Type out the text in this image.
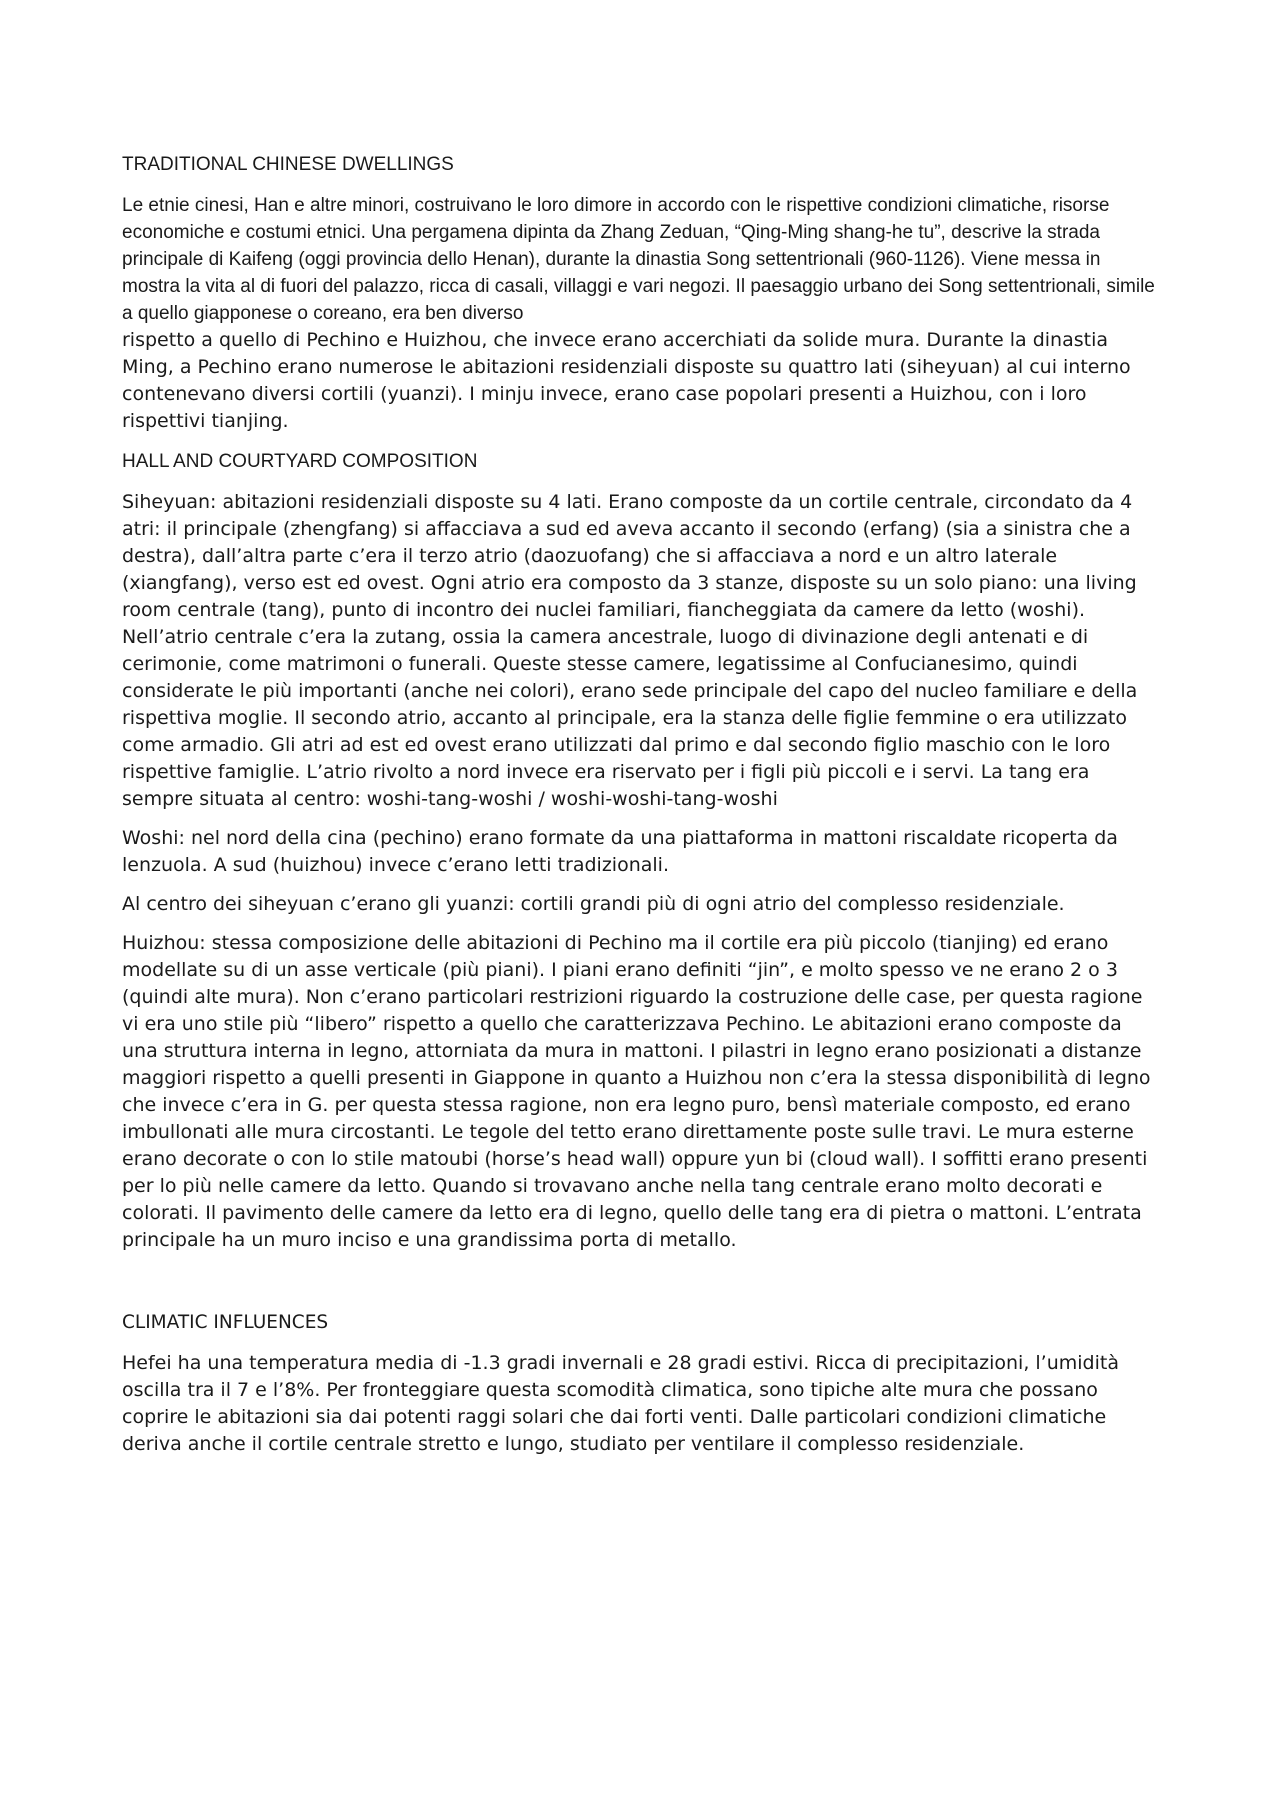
TRADITIONAL CHINESE DWELLINGS
Le etnie cinesi, Han e altre minori, costruivano le loro dimore in accordo con le rispettive condizioni climatiche, risorse economiche e costumi etnici. Una pergamena dipinta da Zhang Zeduan, “Qing-Ming shang-he tu”, descrive la strada principale di Kaifeng (oggi provincia dello Henan), durante la dinastia Song settentrionali (960-1126). Viene messa in mostra la vita al di fuori del palazzo, ricca di casali, villaggi e vari negozi. Il paesaggio urbano dei Song settentrionali, simile a quello giapponese o coreano, era ben diverso
rispetto a quello di Pechino e Huizhou, che invece erano accerchiati da solide mura. Durante la dinastia Ming, a Pechino erano numerose le abitazioni residenziali disposte su quattro lati (siheyuan) al cui interno contenevano diversi cortili (yuanzi). I minju invece, erano case popolari presenti a Huizhou, con i loro rispettivi tianjing.
HALL AND COURTYARD COMPOSITION

Siheyuan: abitazioni residenziali disposte su 4 lati. Erano composte da un cortile centrale, circondato da 4 atri: il principale (zhengfang) si affacciava a sud ed aveva accanto il secondo (erfang) (sia a sinistra che a destra), dall’altra parte c’era il terzo atrio (daozuofang) che si affacciava a nord e un altro laterale (xiangfang), verso est ed ovest. Ogni atrio era composto da 3 stanze, disposte su un solo piano: una living room centrale (tang), punto di incontro dei nuclei familiari, fiancheggiata da camere da letto (woshi). Nell’atrio centrale c’era la zutang, ossia la camera ancestrale, luogo di divinazione degli antenati e di cerimonie, come matrimoni o funerali. Queste stesse camere, legatissime al Confucianesimo, quindi considerate le più importanti (anche nei colori), erano sede principale del capo del nucleo familiare e della rispettiva moglie. Il secondo atrio, accanto al principale, era la stanza delle figlie femmine o era utilizzato come armadio. Gli atri ad est ed ovest erano utilizzati dal primo e dal secondo figlio maschio con le loro rispettive famiglie. L’atrio rivolto a nord invece era riservato per i figli più piccoli e i servi. La tang era sempre situata al centro: woshi-tang-woshi / woshi-woshi-tang-woshi

Woshi: nel nord della cina (pechino) erano formate da una piattaforma in mattoni riscaldate ricoperta da lenzuola. A sud (huizhou) invece c’erano letti tradizionali.

Al centro dei siheyuan c’erano gli yuanzi: cortili grandi più di ogni atrio del complesso residenziale.

Huizhou: stessa composizione delle abitazioni di Pechino ma il cortile era più piccolo (tianjing) ed erano modellate su di un asse verticale (più piani). I piani erano definiti “jin”, e molto spesso ve ne erano 2 o 3 (quindi alte mura). Non c’erano particolari restrizioni riguardo la costruzione delle case, per questa ragione vi era uno stile più “libero” rispetto a quello che caratterizzava Pechino. Le abitazioni erano composte da una struttura interna in legno, attorniata da mura in mattoni. I pilastri in legno erano posizionati a distanze maggiori rispetto a quelli presenti in Giappone in quanto a Huizhou non c’era la stessa disponibilità di legno che invece c’era in G. per questa stessa ragione, non era legno puro, bensì materiale composto, ed erano imbullonati alle mura circostanti. Le tegole del tetto erano direttamente poste sulle travi. Le mura esterne erano decorate o con lo stile matoubi (horse’s head wall) oppure yun bi (cloud wall). I soffitti erano presenti per lo più nelle camere da letto. Quando si trovavano anche nella tang centrale erano molto decorati e colorati. Il pavimento delle camere da letto era di legno, quello delle tang era di pietra o mattoni. L’entrata principale ha un muro inciso e una grandissima porta di metallo.

CLIMATIC INFLUENCES

Hefei ha una temperatura media di -1.3 gradi invernali e 28 gradi estivi. Ricca di precipitazioni, l’umidità oscilla tra il 7 e l’8%. Per fronteggiare questa scomodità climatica, sono tipiche alte mura che possano coprire le abitazioni sia dai potenti raggi solari che dai forti venti. Dalle particolari condizioni climatiche deriva anche il cortile centrale stretto e lungo, studiato per ventilare il complesso residenziale.
